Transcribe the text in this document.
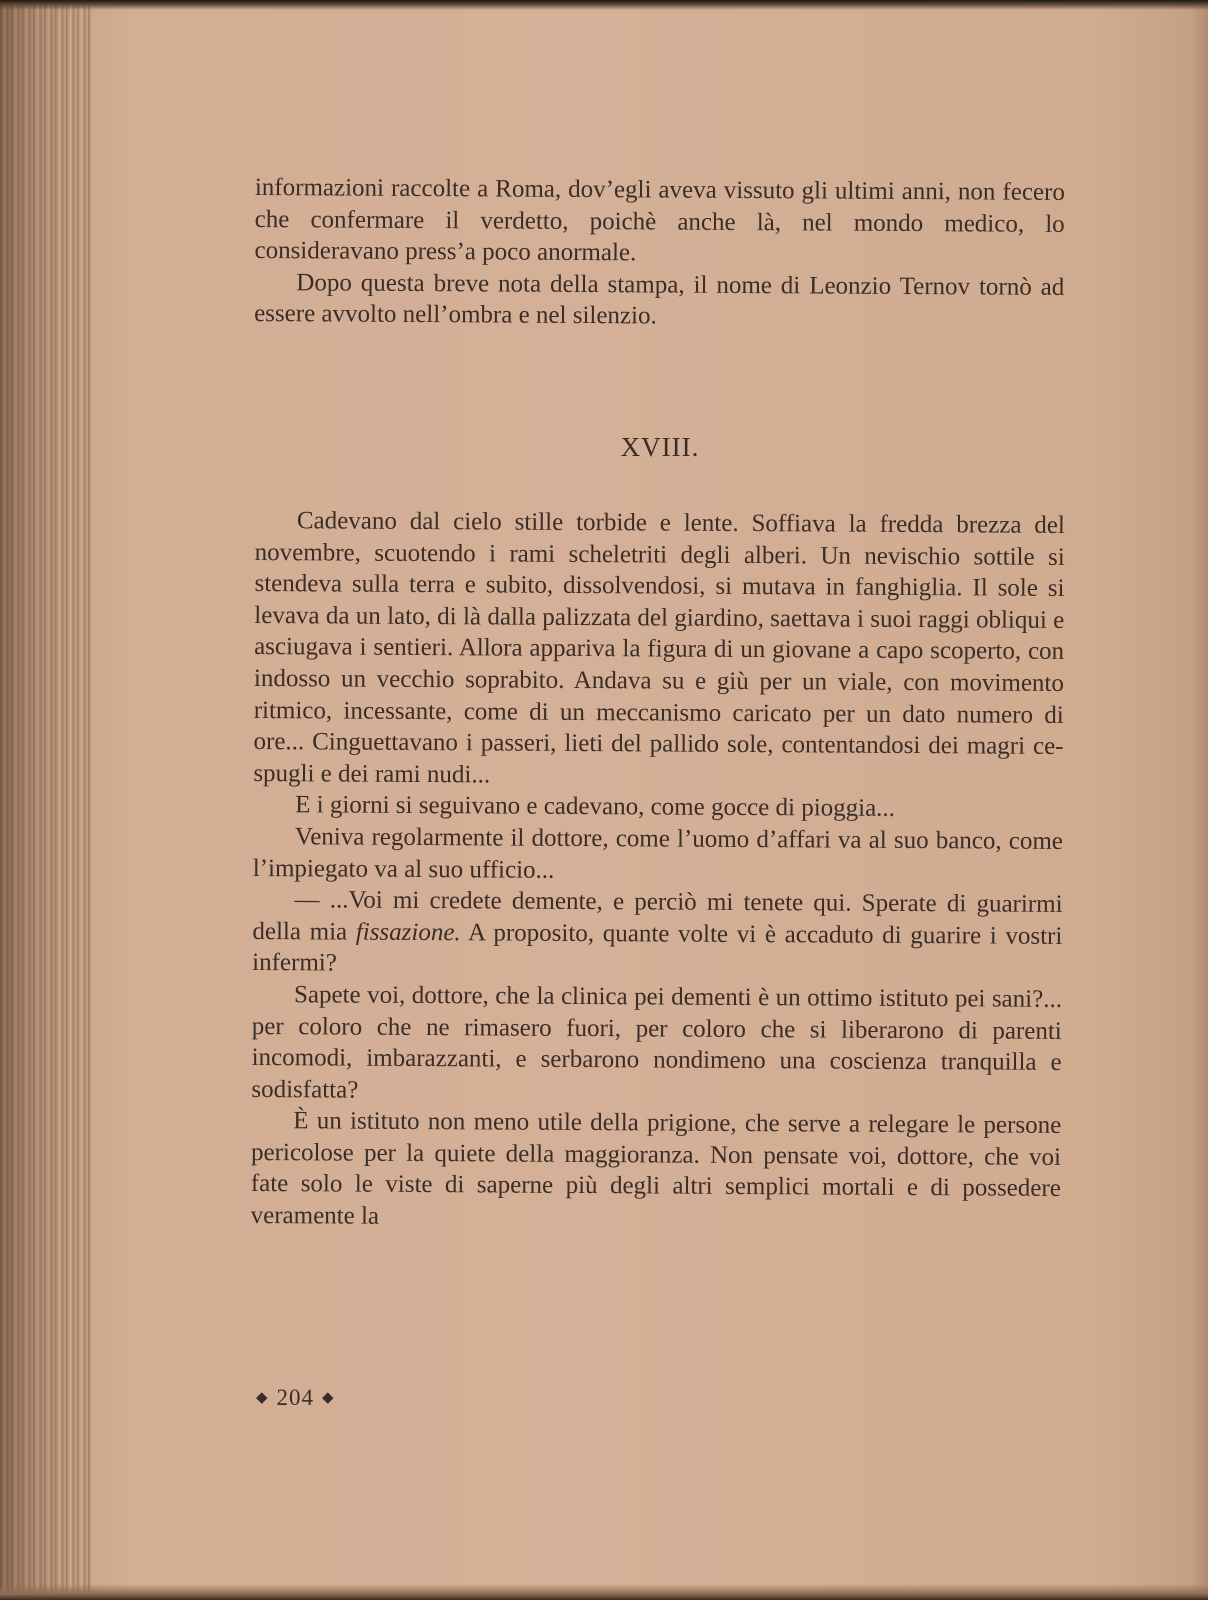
informazioni raccolte a Roma, dov’egli aveva vissuto gli ultimi anni, non fecero che confermare il verdetto, poichè anche là, nel mondo medico, lo consideravano press’a poco anormale.

Dopo questa breve nota della stampa, il nome di Leonzio Ternov tornò ad essere avvolto nell’ombra e nel silenzio.

XVIII.

Cadevano dal cielo stille torbide e lente. Soffiava la fredda brezza del novembre, scuotendo i rami scheletriti degli alberi. Un nevischio sottile si stendeva sulla terra e subito, dissolvendosi, si mutava in fanghiglia. Il sole si levava da un lato, di là dalla palizzata del giardino, saettava i suoi raggi obliqui e asciugava i sentieri. Allora appariva la figura di un giovane a capo scoperto, con indosso un vecchio soprabito. Andava su e giù per un viale, con movimento ritmico, incessante, come di un meccanismo caricato per un dato numero di ore... Cinguettavano i passeri, lieti del pallido sole, contentandosi dei magri cespugli e dei rami nudi...

E i giorni si seguivano e cadevano, come gocce di pioggia...

Veniva regolarmente il dottore, come l’uomo d’affari va al suo banco, come l’impiegato va al suo ufficio...

— ...Voi mi credete demente, e perciò mi tenete qui. Sperate di guarirmi della mia fissazione. A proposito, quante volte vi è accaduto di guarire i vostri infermi?

Sapete voi, dottore, che la clinica pei dementi è un ottimo istituto pei sani?... per coloro che ne rimasero fuori, per coloro che si liberarono di parenti incomodi, imbarazzanti, e serbarono nondimeno una coscienza tranquilla e sodisfatta?

È un istituto non meno utile della prigione, che serve a relegare le persone pericolose per la quiete della maggioranza. Non pensate voi, dottore, che voi fate solo le viste di saperne più degli altri semplici mortali e di possedere veramente la

◆ 204 ◆
